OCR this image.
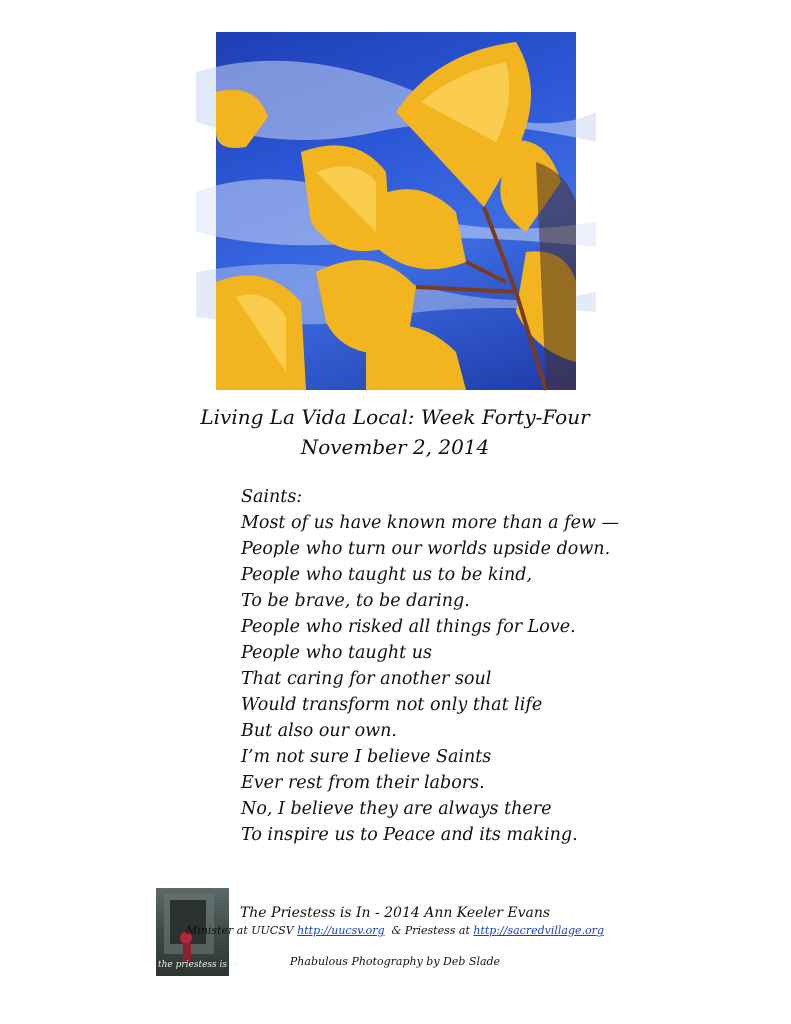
Living La Vida Local: Week Forty-Four
November 2, 2014
Saints:
Most of us have known more than a few —
People who turn our worlds upside down.
People who taught us to be kind,
To be brave, to be daring.
People who risked all things for Love.
People who taught us
That caring for another soul
Would transform not only that life
But also our own.
I’m not sure I believe Saints
Ever rest from their labors.
No, I believe they are always there
To inspire us to Peace and its making.
the priestess is in
The Priestess is In - 2014 Ann Keeler Evans
Minister at UUCSV http://uucsv.org  & Priestess at http://sacredvillage.org
Phabulous Photography by Deb Slade
